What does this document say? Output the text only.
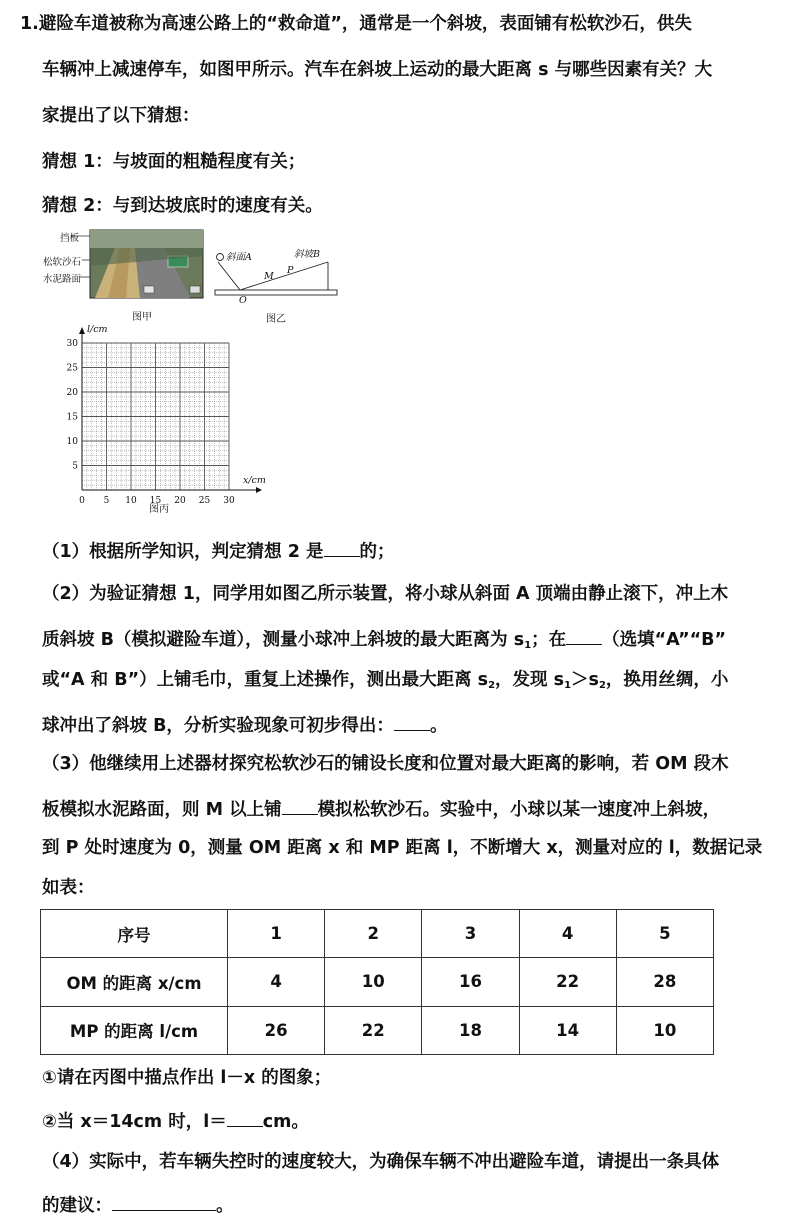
1.避险车道被称为高速公路上的“救命道”，通常是一个斜坡，表面铺有松软沙石，供失
车辆冲上减速停车，如图甲所示。汽车在斜坡上运动的最大距离 s 与哪些因素有关？大
家提出了以下猜想：
猜想 1：与坡面的粗糙程度有关；
猜想 2：与到达坡底时的速度有关。
挡板
松软沙石
水泥路面
图甲
斜面A	斜坡B
M
P
O
图乙
0 5 10 15 20 25 30
5
10
15
20
25
30
l/cm
x/cm
图丙
（1）根据所学知识，判定猜想 2 是 的；
（2）为验证猜想 1，同学用如图乙所示装置，将小球从斜面 A 顶端由静止滚下，冲上木
质斜坡 B（模拟避险车道），测量小球冲上斜坡的最大距离为 $s_1$；在 （选填“A”“B”
或“A 和 B”）上铺毛巾，重复上述操作，测出最大距离 $s_2$，发现 $s_1>s_2$，换用丝绸，小
球冲出了斜坡 B，分析实验现象可初步得出： 。
（3）他继续用上述器材探究松软沙石的铺设长度和位置对最大距离的影响，若 OM 段木
板模拟水泥路面，则 M 以上铺 模拟松软沙石。实验中，小球以某一速度冲上斜坡，
到 P 处时速度为 0，测量 OM 距离 x 和 MP 距离 l，不断增大 x，测量对应的 l，数据记录
如表：
序号	1	2	3	4	5
OM 的距离 x/cm	4	10	16	22	28
MP 的距离 l/cm	26	22	18	14	10
①请在丙图中描点作出 l－x 的图象；
②当 x＝14cm 时，l＝ cm。
（4）实际中，若车辆失控时的速度较大，为确保车辆不冲出避险车道，请提出一条具体
的建议：	。
